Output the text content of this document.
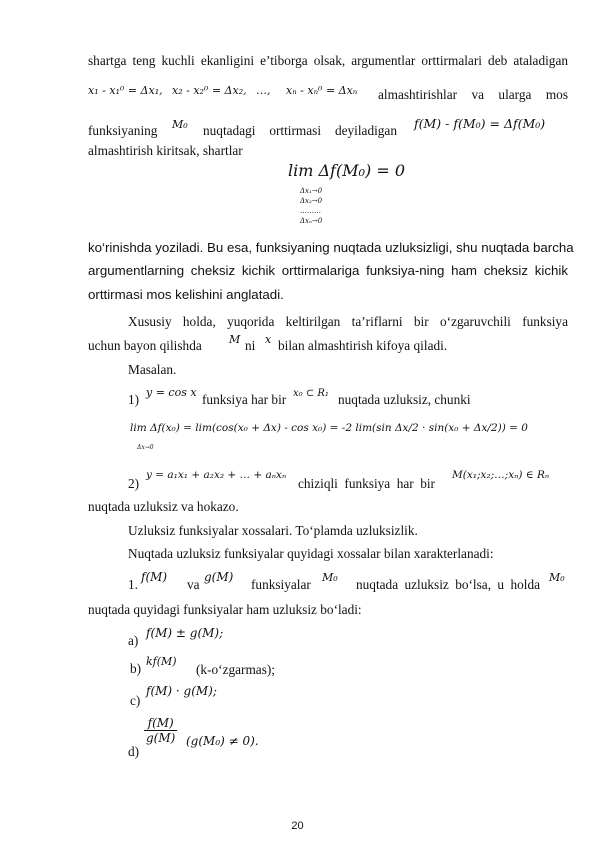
shartga teng kuchli ekanligini e’tiborga olsak, argumentlar orttirmalari deb ataladigan
x₁ - x₁⁰ = Δx₁, x₂ - x₂⁰ = Δx₂, …, xₙ - xₙ⁰ = Δxₙ almashtirishlar va ularga mos
funksiyaning	M₀ nuqtadagi orttirmasi deyiladigan f(M) - f(M₀) = Δf(M₀)
almashtirish kiritsak, shartlar
lim Δf(M₀) = 0
Δx₁→0
Δx₂→0
………
Δxₙ→0
ko‘rinishda yoziladi. Bu esa, funksiyaning nuqtada uzluksizligi, shu nuqtada barcha
argumentlarning cheksiz kichik orttirmalariga funksiya-ning ham cheksiz kichik
orttirmasi mos kelishini anglatadi.
Xususiy holda, yuqorida keltirilgan ta’riflarni bir o‘zgaruvchili funksiya
uchun bayon qilishda	M ni x bilan almashtirish kifoya qiladi.
Masalan.
1) y = cos x funksiya har bir x₀ ⊂ R₁ nuqtada uzluksiz, chunki
lim Δf(x₀) = lim(cos(x₀ + Δx) - cos x₀) = -2 lim(sin Δx/2 · sin(x₀ + Δx/2)) = 0
Δx→0
2)
y = a₁x₁ + a₂x₂ + … + aₙxₙ
chiziqli funksiya har bir
M(x₁;x₂;…;xₙ) ∈ Rₙ
nuqtada uzluksiz va hokazo.
Uzluksiz funksiyalar xossalari. To‘plamda uzluksizlik.
Nuqtada uzluksiz funksiyalar quyidagi xossalar bilan xarakterlanadi:
1. f(M) va g(M) funksiyalar	M₀ nuqtada uzluksiz bo‘lsa, u holda M₀
nuqtada quyidagi funksiyalar ham uzluksiz bo‘ladi:
a) f(M) ± g(M);
b) kf(M)
(k-o‘zgarmas);
c)
f(M) · g(M);
d)
$\frac{f(M)}{g(M)} (g(M_0) \ne 0)$.
20
